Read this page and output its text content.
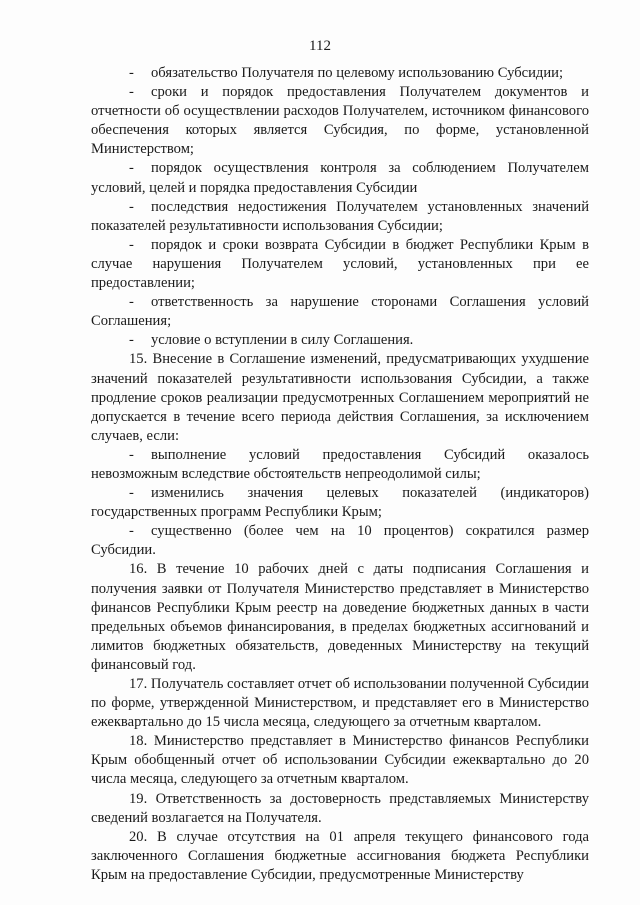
112

- обязательство Получателя по целевому использованию Субсидии;

- сроки и порядок предоставления Получателем документов и отчетности об осуществлении расходов Получателем, источником финансового обеспечения которых является Субсидия, по форме, установленной Министерством;

- порядок осуществления контроля за соблюдением Получателем условий, целей и порядка предоставления Субсидии

- последствия недостижения Получателем установленных значений показателей результативности использования Субсидии;

- порядок и сроки возврата Субсидии в бюджет Республики Крым в случае нарушения Получателем условий, установленных при ее предоставлении;

- ответственность за нарушение сторонами Соглашения условий Соглашения;

- условие о вступлении в силу Соглашения.

15. Внесение в Соглашение изменений, предусматривающих ухудшение значений показателей результативности использования Субсидии, а также продление сроков реализации предусмотренных Соглашением мероприятий не допускается в течение всего периода действия Соглашения, за исключением случаев, если:

- выполнение условий предоставления Субсидий оказалось невозможным вследствие обстоятельств непреодолимой силы;

- изменились значения целевых показателей (индикаторов) государственных программ Республики Крым;

- существенно (более чем на 10 процентов) сократился размер Субсидии.

16. В течение 10 рабочих дней с даты подписания Соглашения и получения заявки от Получателя Министерство представляет в Министерство финансов Республики Крым реестр на доведение бюджетных данных в части предельных объемов финансирования, в пределах бюджетных ассигнований и лимитов бюджетных обязательств, доведенных Министерству на текущий финансовый год.

17. Получатель составляет отчет об использовании полученной Субсидии по форме, утвержденной Министерством, и представляет его в Министерство ежеквартально до 15 числа месяца, следующего за отчетным кварталом.

18. Министерство представляет в Министерство финансов Республики Крым обобщенный отчет об использовании Субсидии ежеквартально до 20 числа месяца, следующего за отчетным кварталом.

19. Ответственность за достоверность представляемых Министерству сведений возлагается на Получателя.

20. В случае отсутствия на 01 апреля текущего финансового года заключенного Соглашения бюджетные ассигнования бюджета Республики Крым на предоставление Субсидии, предусмотренные Министерству
